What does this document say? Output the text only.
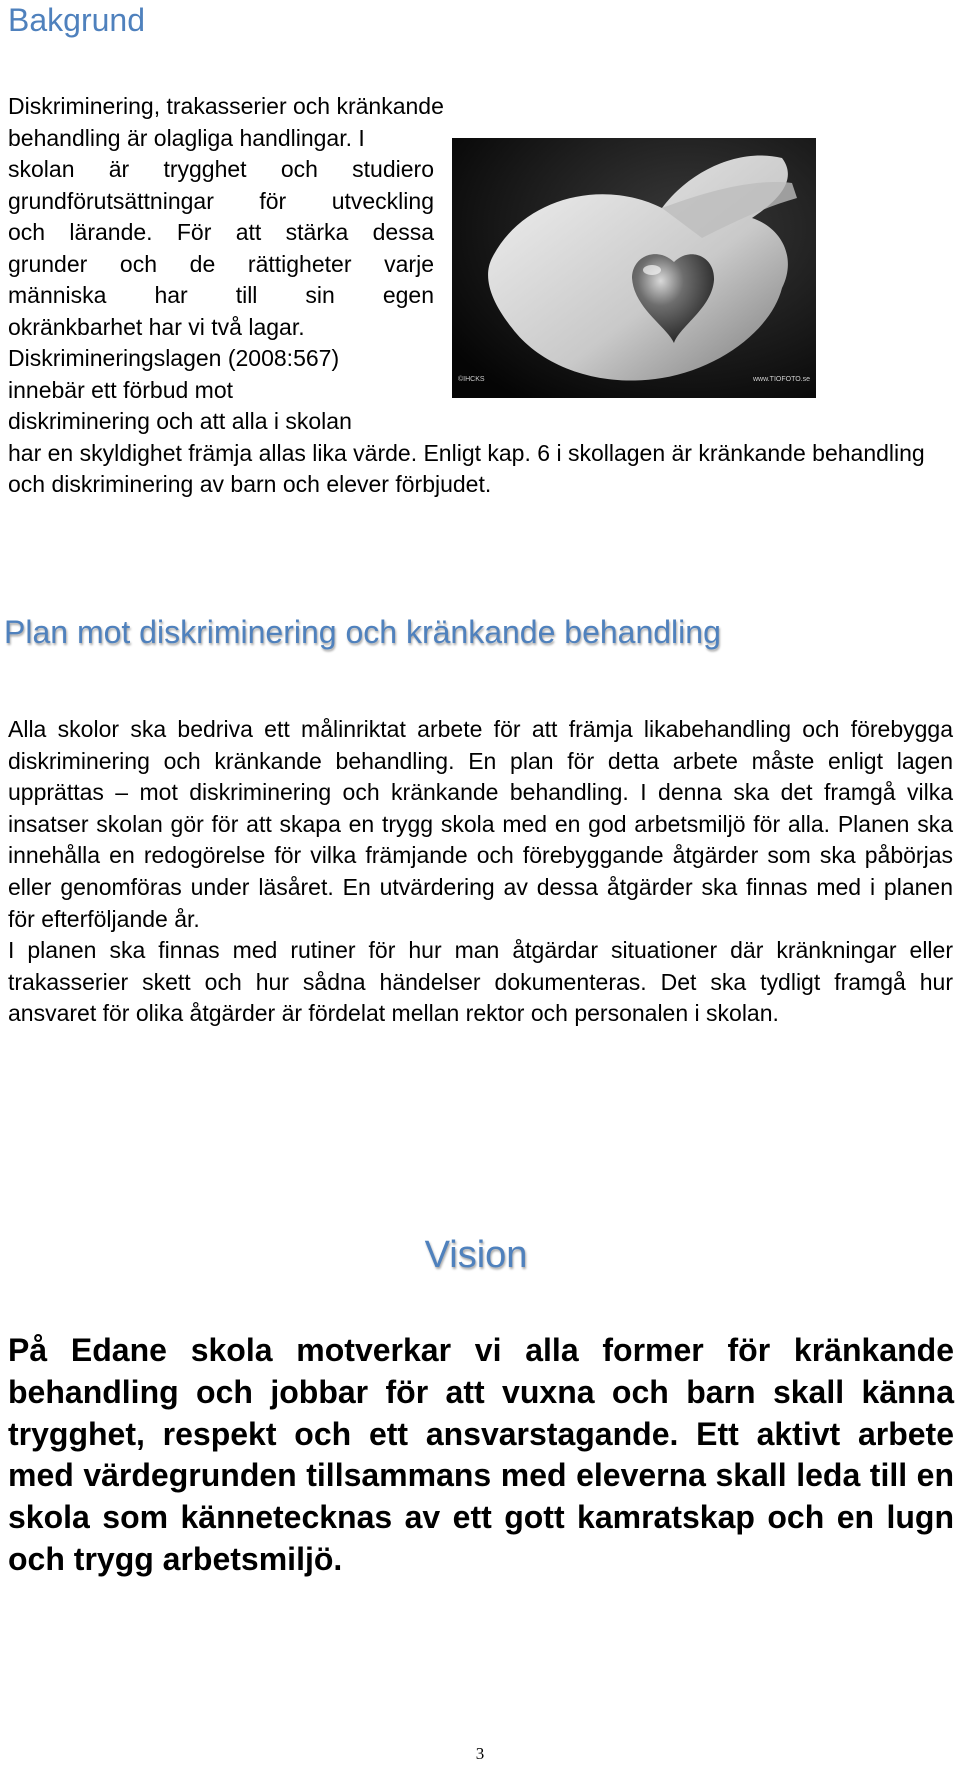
Bakgrund
©IHCKS	www.TIOFOTO.se
Diskriminering, trakasserier och kränkande behandling är olagliga handlingar. I
skolan är trygghet och studiero
grundförutsättningar för utveckling
och lärande. För att stärka dessa
grunder och de rättigheter varje
människa har till sin egen
okränkbarhet har vi två lagar.
Diskrimineringslagen (2008:567)
innebär ett förbud mot
diskriminering och att alla i skolan
har en skyldighet främja allas lika värde. Enligt kap. 6 i skollagen är kränkande behandling och diskriminering av barn och elever förbjudet.
Plan mot diskriminering och kränkande behandling

Alla skolor ska bedriva ett målinriktat arbete för att främja likabehandling och förebygga diskriminering och kränkande behandling. En plan för detta arbete måste enligt lagen upprättas – mot diskriminering och kränkande behandling. I denna ska det framgå vilka insatser skolan gör för att skapa en trygg skola med en god arbetsmiljö för alla. Planen ska innehålla en redogörelse för vilka främjande och förebyggande åtgärder som ska påbörjas eller genomföras under läsåret. En utvärdering av dessa åtgärder ska finnas med i planen för efterföljande år.

I planen ska finnas med rutiner för hur man åtgärdar situationer där kränkningar eller trakasserier skett och hur sådna händelser dokumenteras. Det ska tydligt framgå hur ansvaret för olika åtgärder är fördelat mellan rektor och personalen i skolan.

Vision

På Edane skola motverkar vi alla former för kränkande behandling och jobbar för att vuxna och barn skall känna trygghet, respekt och ett ansvarstagande. Ett aktivt arbete med värdegrunden tillsammans med eleverna skall leda till en skola som kännetecknas av ett gott kamratskap och en lugn och trygg arbetsmiljö.

3
